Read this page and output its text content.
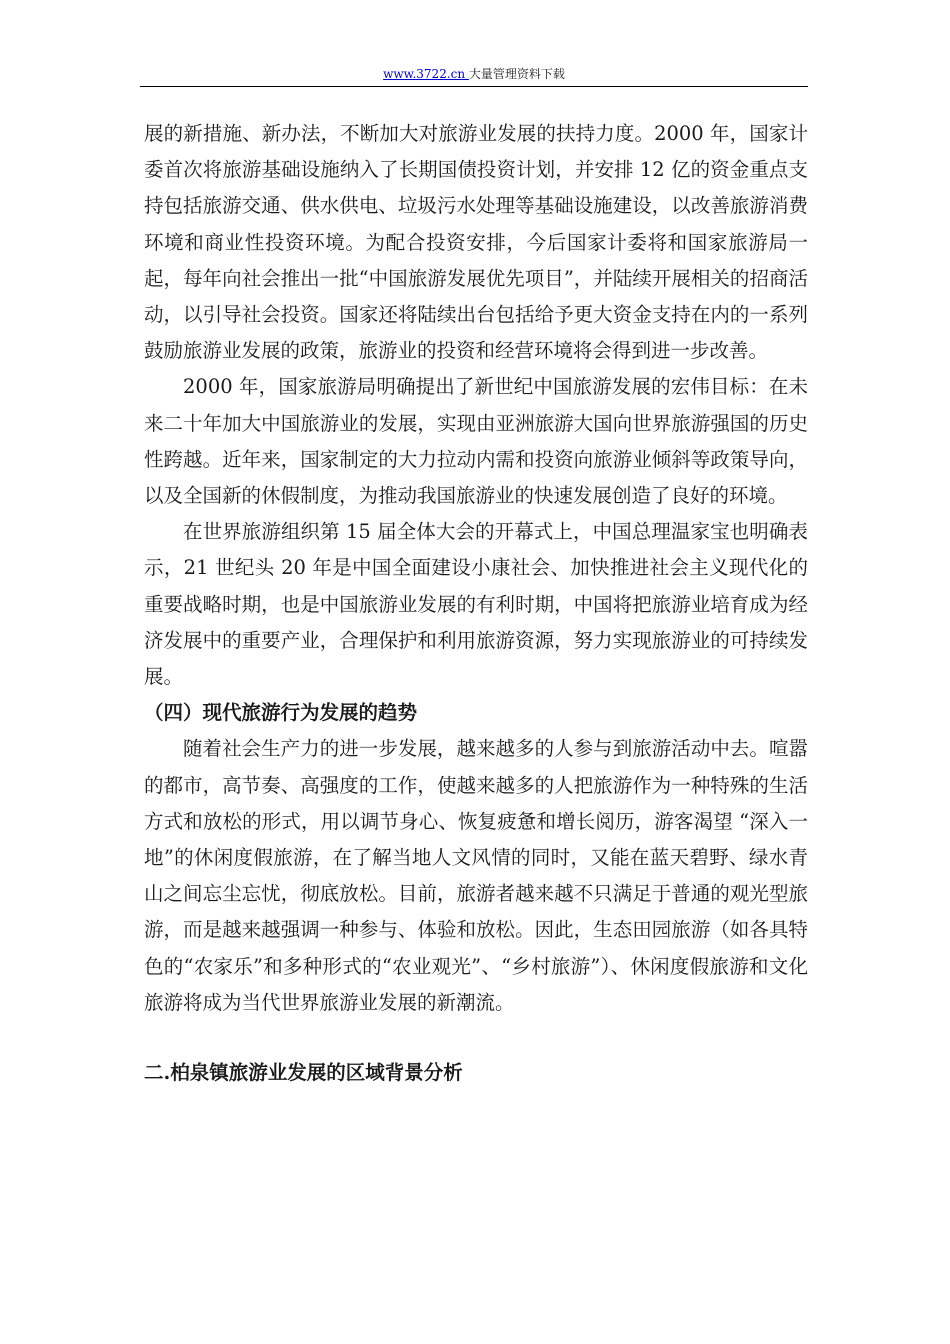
www.3722.cn 大量管理资料下载

展的新措施、新办法，不断加大对旅游业发展的扶持力度。2000 年，国家计委首次将旅游基础设施纳入了长期国债投资计划，并安排 12 亿的资金重点支持包括旅游交通、供水供电、垃圾污水处理等基础设施建设，以改善旅游消费环境和商业性投资环境。为配合投资安排，今后国家计委将和国家旅游局一起，每年向社会推出一批“中国旅游发展优先项目”，并陆续开展相关的招商活动，以引导社会投资。国家还将陆续出台包括给予更大资金支持在内的一系列鼓励旅游业发展的政策，旅游业的投资和经营环境将会得到进一步改善。

2000 年，国家旅游局明确提出了新世纪中国旅游发展的宏伟目标：在未来二十年加大中国旅游业的发展，实现由亚洲旅游大国向世界旅游强国的历史性跨越。近年来，国家制定的大力拉动内需和投资向旅游业倾斜等政策导向，以及全国新的休假制度，为推动我国旅游业的快速发展创造了良好的环境。

在世界旅游组织第 15 届全体大会的开幕式上，中国总理温家宝也明确表示，21 世纪头 20 年是中国全面建设小康社会、加快推进社会主义现代化的重要战略时期，也是中国旅游业发展的有利时期，中国将把旅游业培育成为经济发展中的重要产业，合理保护和利用旅游资源，努力实现旅游业的可持续发展。

（四）现代旅游行为发展的趋势

随着社会生产力的进一步发展，越来越多的人参与到旅游活动中去。喧嚣的都市，高节奏、高强度的工作，使越来越多的人把旅游作为一种特殊的生活方式和放松的形式，用以调节身心、恢复疲惫和增长阅历，游客渴望 “深入一地”的休闲度假旅游，在了解当地人文风情的同时，又能在蓝天碧野、绿水青山之间忘尘忘忧，彻底放松。目前，旅游者越来越不只满足于普通的观光型旅游，而是越来越强调一种参与、体验和放松。因此，生态田园旅游（如各具特色的“农家乐”和多种形式的“农业观光”、“乡村旅游”）、休闲度假旅游和文化旅游将成为当代世界旅游业发展的新潮流。

二.柏泉镇旅游业发展的区域背景分析
